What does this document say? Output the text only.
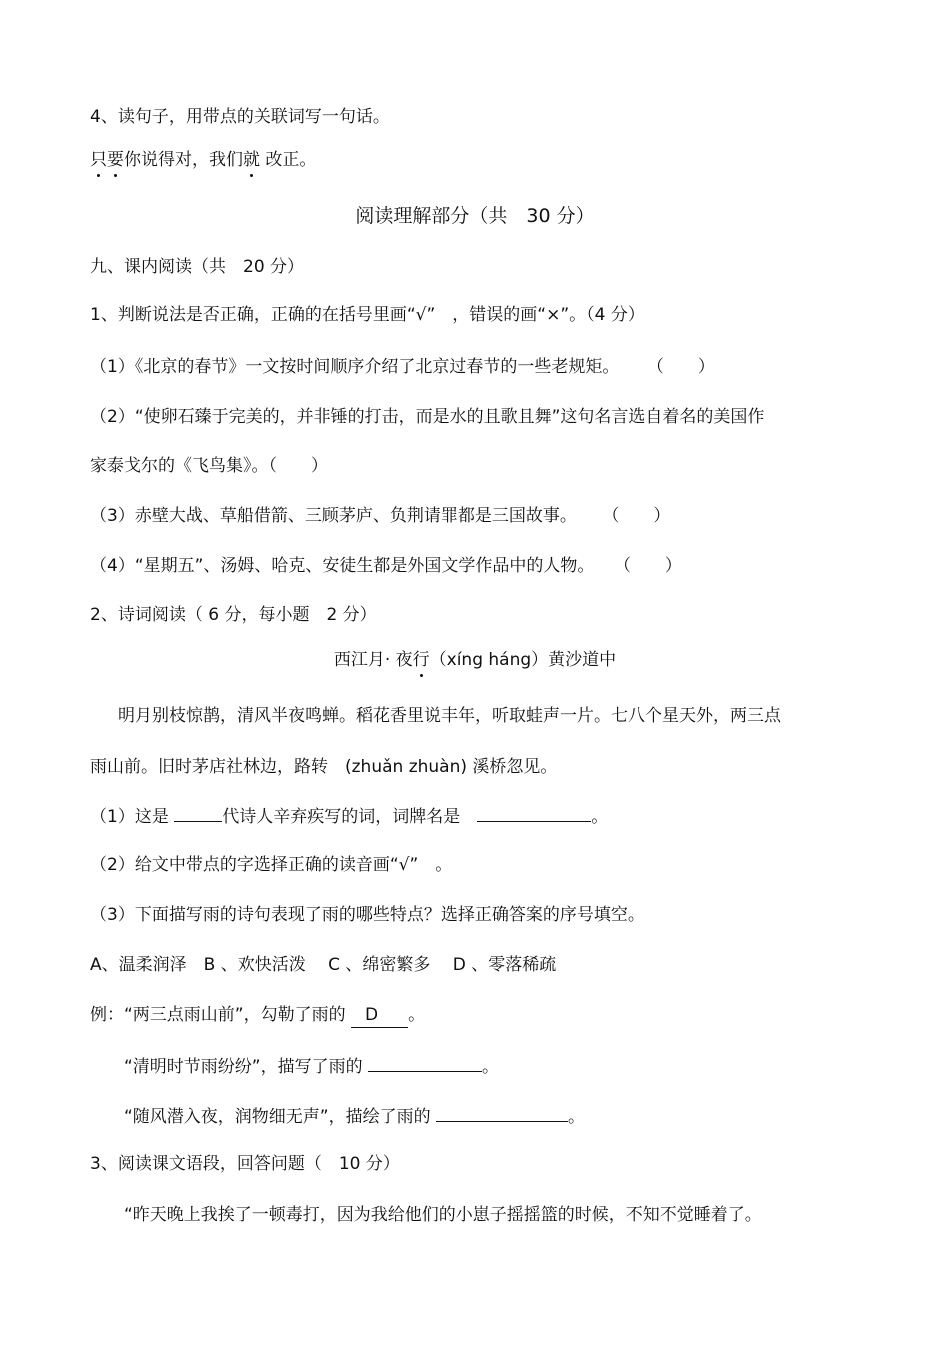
4、读句子，用带点的关联词写一句话。
只要你说得对，我们就 改正。
阅读理解部分（共　30 分）
九、课内阅读（共　20 分）
1、判断说法是否正确，正确的在括号里画“√”　，错误的画“×”。（4 分）
（1）《北京的春节》一文按时间顺序介绍了北京过春节的一些老规矩。 （　　）
（2）“使卵石臻于完美的，并非锤的打击，而是水的且歌且舞”这句名言选自着名的美国作
家泰戈尔的《飞鸟集》。（　　）
（3）赤壁大战、草船借箭、三顾茅庐、负荆请罪都是三国故事。 （　　）
（4）“星期五”、汤姆、哈克、安徒生都是外国文学作品中的人物。 （　　）
2、诗词阅读（ 6 分，每小题　2 分）
西江月· 夜行（xíng háng）黄沙道中
明月别枝惊鹊，清风半夜鸣蝉。稻花香里说丰年，听取蛙声一片。七八个星天外，两三点
雨山前。旧时茅店社林边，路转　(zhuǎn zhuàn) 溪桥忽见。
（1）这是	代诗人辛弃疾写的词，词牌名是　	。
（2）给文中带点的字选择正确的读音画“√”　。
（3）下面描写雨的诗句表现了雨的哪些特点？选择正确答案的序号填空。
A、温柔润泽　B 、欢快活泼　 C 、绵密繁多　 D 、零落稀疏
例：“两三点雨山前”，勾勒了雨的 D 。
“清明时节雨纷纷”，描写了雨的	。
“随风潜入夜，润物细无声”，描绘了雨的	。
3、阅读课文语段，回答问题（　10 分）
“昨天晚上我挨了一顿毒打，因为我给他们的小崽子摇摇篮的时候，不知不觉睡着了。
